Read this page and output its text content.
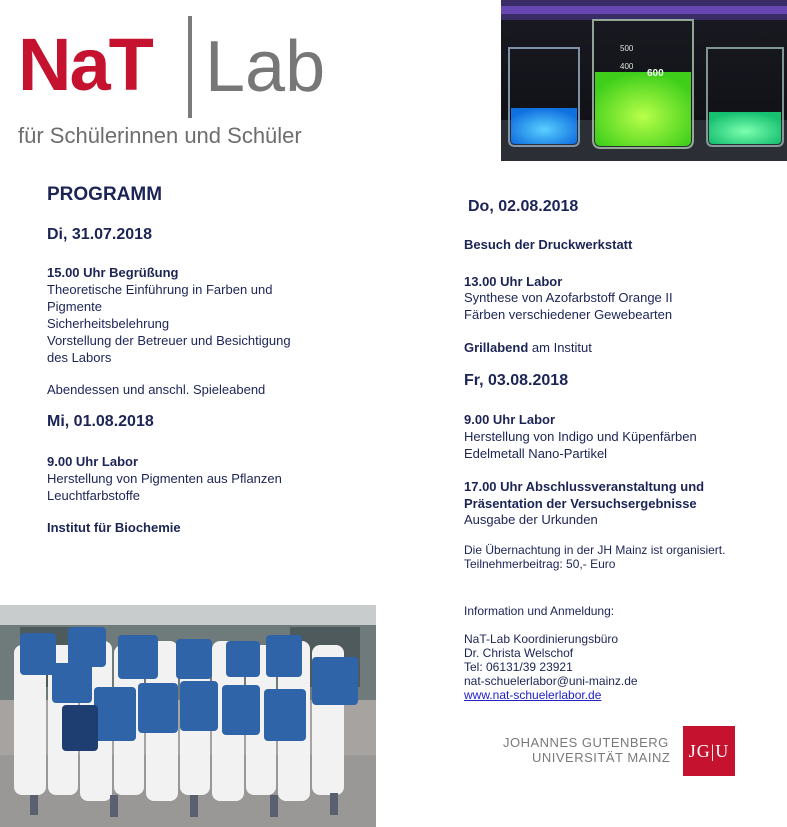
NaT Lab
für Schülerinnen und Schüler
500
400
600
PROGRAMM
Di, 31.07.2018
15.00 Uhr Begrüßung
Theoretische Einführung in Farben und
Pigmente
Sicherheitsbelehrung
Vorstellung der Betreuer und Besichtigung
des Labors
Abendessen und anschl. Spieleabend
Mi, 01.08.2018
9.00 Uhr Labor
Herstellung von Pigmenten aus Pflanzen
Leuchtfarbstoffe
Institut für Biochemie
Do, 02.08.2018
Besuch der Druckwerkstatt
13.00 Uhr Labor
Synthese von Azofarbstoff Orange II
Färben verschiedener Gewebearten
Grillabend am Institut
Fr, 03.08.2018
9.00 Uhr Labor
Herstellung von Indigo und Küpenfärben
Edelmetall Nano-Partikel
17.00 Uhr Abschlussveranstaltung und
Präsentation der Versuchsergebnisse
Ausgabe der Urkunden
Die Übernachtung in der JH Mainz ist organisiert.
Teilnehmerbeitrag: 50,- Euro
Information und Anmeldung:
NaT-Lab Koordinierungsbüro
Dr. Christa Welschof
Tel: 06131/39 23921
nat-schuelerlabor@uni-mainz.de
www.nat-schuelerlabor.de
JOHANNES GUTENBERG
UNIVERSITÄT MAINZ	JG|U
